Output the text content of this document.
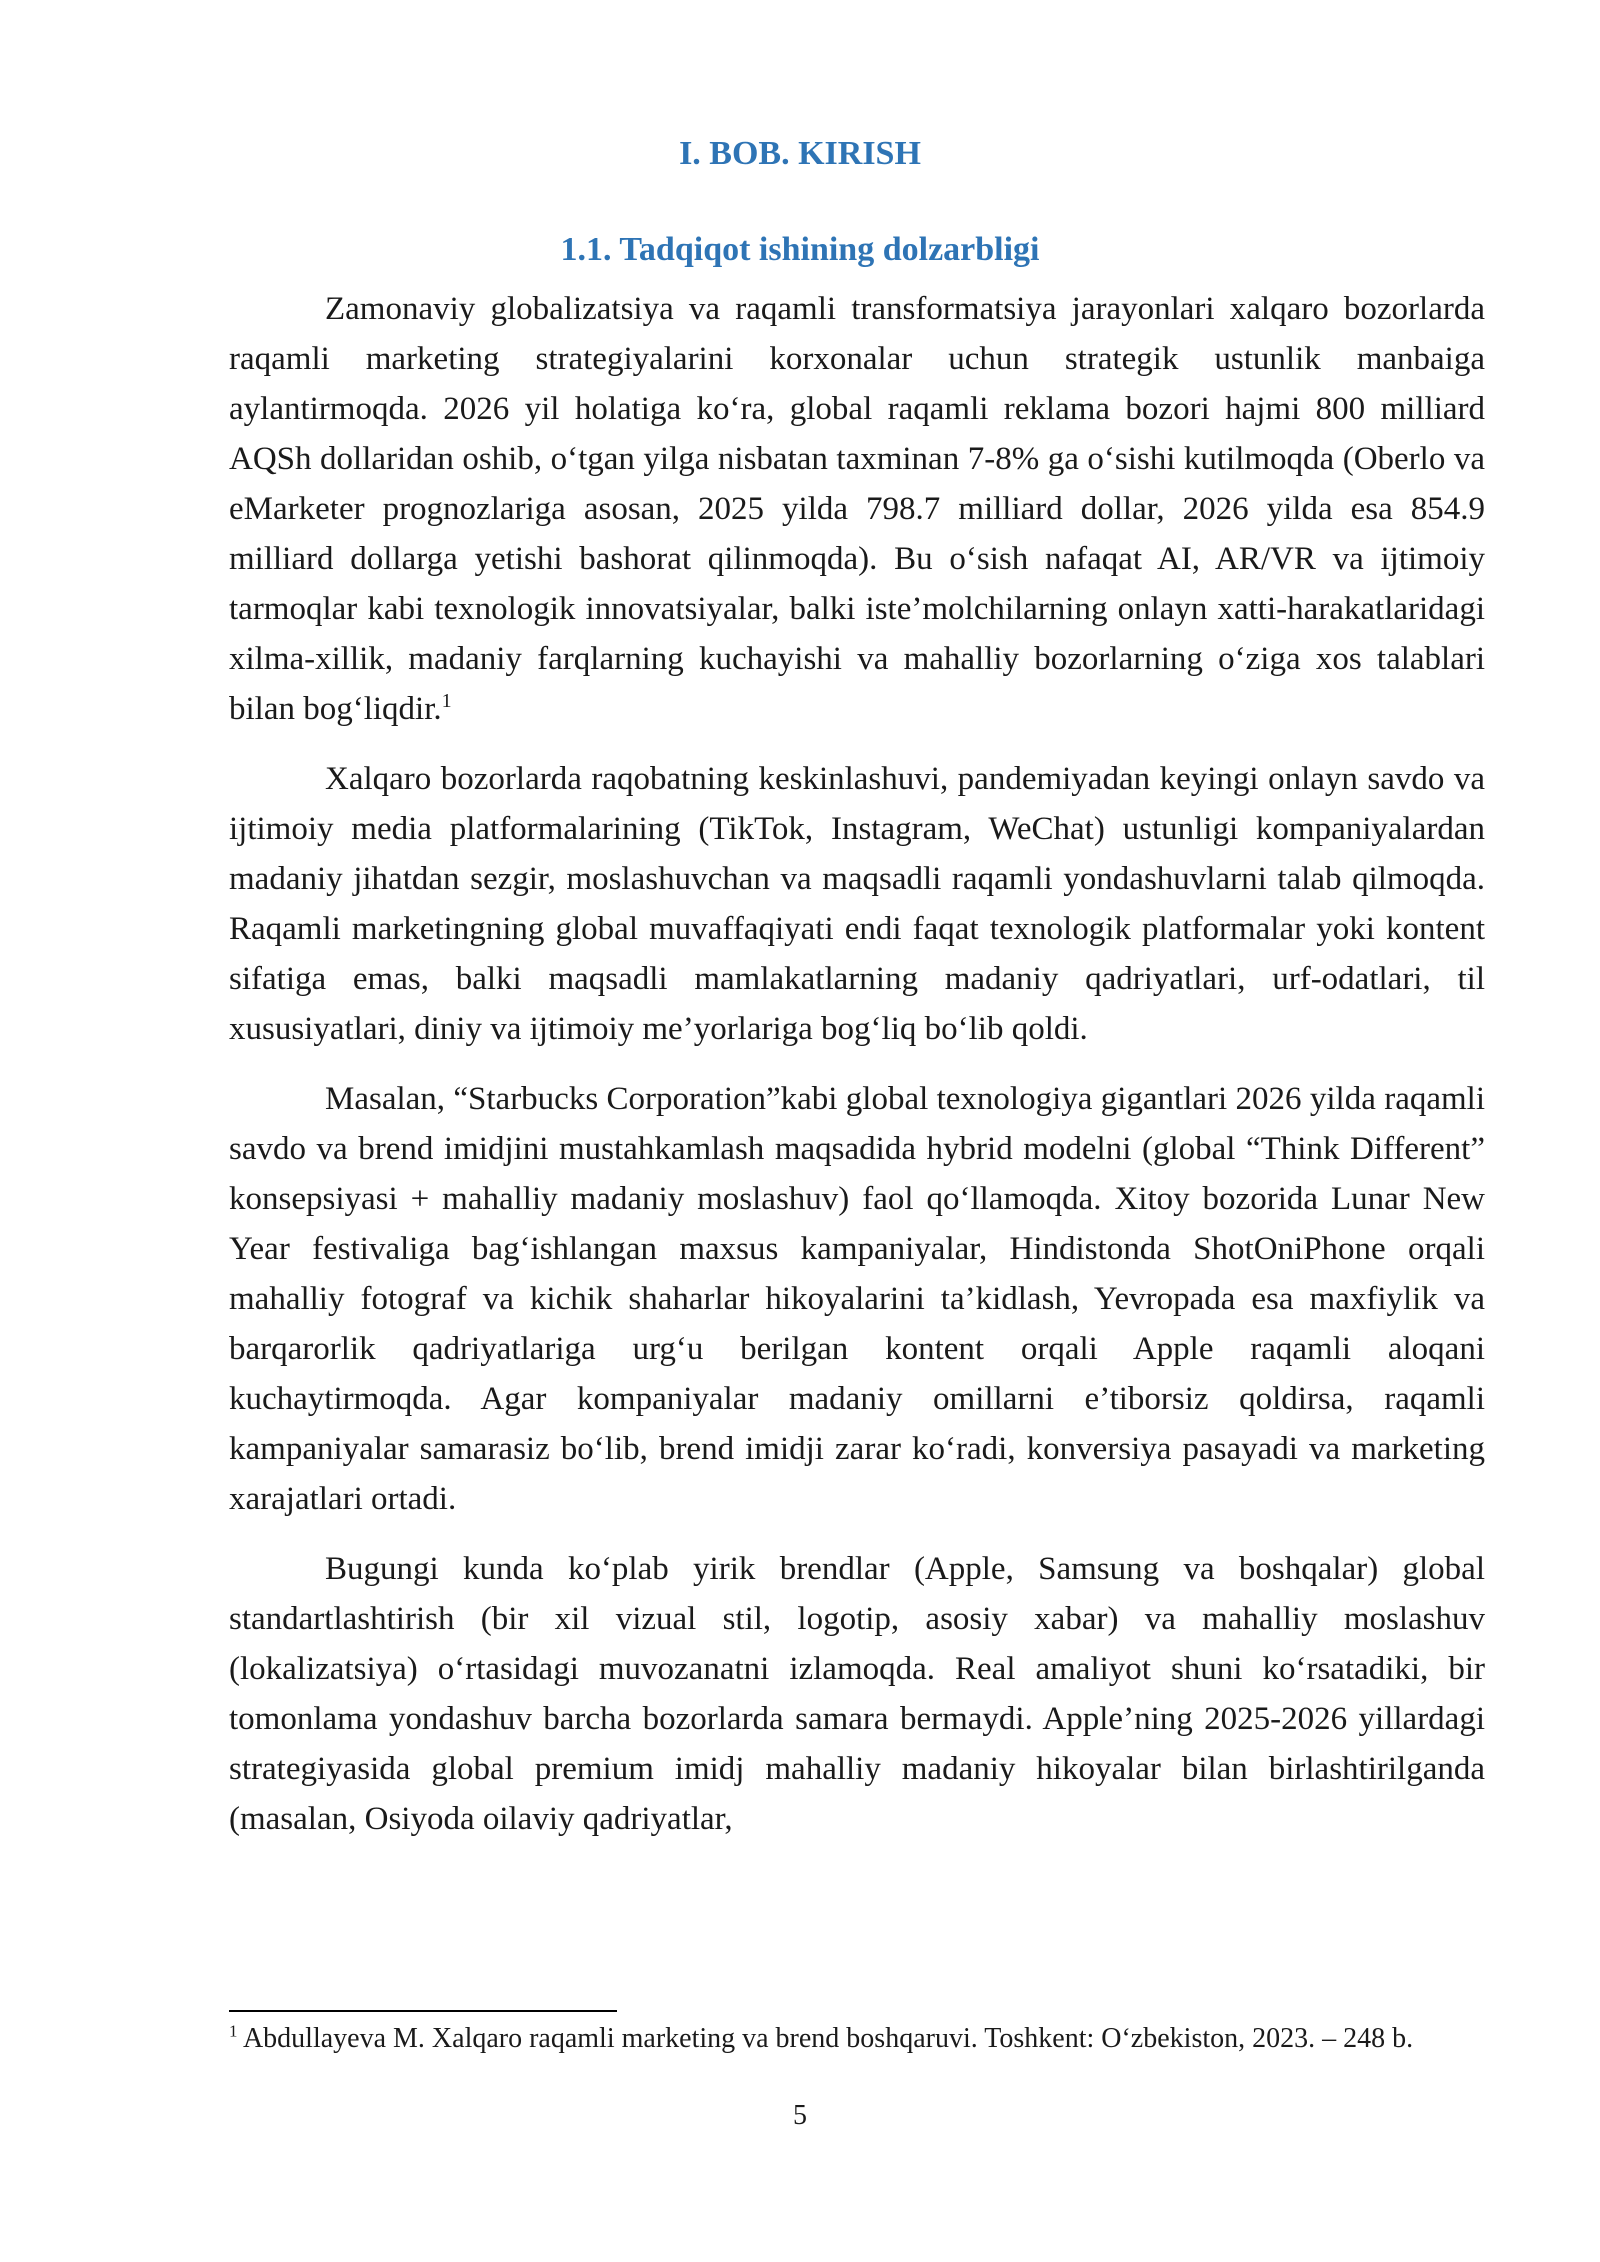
I. BOB. KIRISH
1.1. Tadqiqot ishining dolzarbligi

Zamonaviy globalizatsiya va raqamli transformatsiya jarayonlari xalqaro bozorlarda raqamli marketing strategiyalarini korxonalar uchun strategik ustunlik manbaiga aylantirmoqda. 2026 yil holatiga ko‘ra, global raqamli reklama bozori hajmi 800 milliard AQSh dollaridan oshib, o‘tgan yilga nisbatan taxminan 7-8% ga o‘sishi kutilmoqda (Oberlo va eMarketer prognozlariga asosan, 2025 yilda 798.7 milliard dollar, 2026 yilda esa 854.9 milliard dollarga yetishi bashorat qilinmoqda). Bu o‘sish nafaqat AI, AR/VR va ijtimoiy tarmoqlar kabi texnologik innovatsiyalar, balki iste’molchilarning onlayn xatti-harakatlaridagi xilma-xillik, madaniy farqlarning kuchayishi va mahalliy bozorlarning o‘ziga xos talablari bilan bog‘liqdir.$^1$

Xalqaro bozorlarda raqobatning keskinlashuvi, pandemiyadan keyingi onlayn savdo va ijtimoiy media platformalarining (TikTok, Instagram, WeChat) ustunligi kompaniyalardan madaniy jihatdan sezgir, moslashuvchan va maqsadli raqamli yondashuvlarni talab qilmoqda. Raqamli marketingning global muvaffaqiyati endi faqat texnologik platformalar yoki kontent sifatiga emas, balki maqsadli mamlakatlarning madaniy qadriyatlari, urf-odatlari, til xususiyatlari, diniy va ijtimoiy me’yorlariga bog‘liq bo‘lib qoldi.

Masalan, “Starbucks Corporation”kabi global texnologiya gigantlari 2026 yilda raqamli savdo va brend imidjini mustahkamlash maqsadida hybrid modelni (global “Think Different” konsepsiyasi + mahalliy madaniy moslashuv) faol qo‘llamoqda. Xitoy bozorida Lunar New Year festivaliga bag‘ishlangan maxsus kampaniyalar, Hindistonda ShotOniPhone orqali mahalliy fotograf va kichik shaharlar hikoyalarini ta’kidlash, Yevropada esa maxfiylik va barqarorlik qadriyatlariga urg‘u berilgan kontent orqali Apple raqamli aloqani kuchaytirmoqda. Agar kompaniyalar madaniy omillarni e’tiborsiz qoldirsa, raqamli kampaniyalar samarasiz bo‘lib, brend imidji zarar ko‘radi, konversiya pasayadi va marketing xarajatlari ortadi.

Bugungi kunda ko‘plab yirik brendlar (Apple, Samsung va boshqalar) global standartlashtirish (bir xil vizual stil, logotip, asosiy xabar) va mahalliy moslashuv (lokalizatsiya) o‘rtasidagi muvozanatni izlamoqda. Real amaliyot shuni ko‘rsatadiki, bir tomonlama yondashuv barcha bozorlarda samara bermaydi. Apple’ning 2025-2026 yillardagi strategiyasida global premium imidj mahalliy madaniy hikoyalar bilan birlashtirilganda (masalan, Osiyoda oilaviy qadriyatlar,

$^1$ Abdullayeva M. Xalqaro raqamli marketing va brend boshqaruvi. Toshkent: O‘zbekiston, 2023. – 248 b.

5
